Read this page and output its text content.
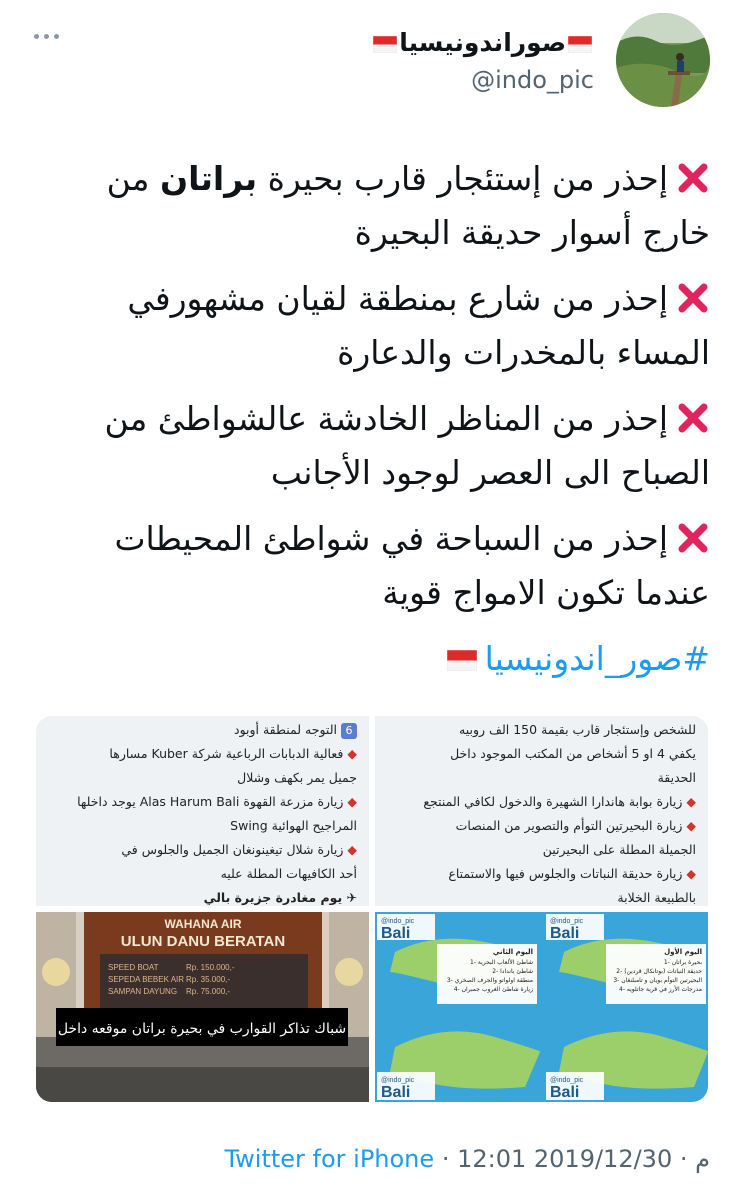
صوراندونيسيا
@indo_pic
إحذر من إستئجار قارب بحيرة براتان من خارج أسوار حديقة البحيرة
إحذر من شارع بمنطقة لقيان مشهورفي المساء بالمخدرات والدعارة
إحذر من المناظر الخادشة عالشواطئ من الصباح الى العصر لوجود الأجانب
إحذر من السباحة في شواطئ المحيطات عندما تكون الامواج قوية
#صور_اندونيسيا
6التوجه لمنطقة أوبود
◆فعالية الدبابات الرباعية شركة Kuber مسارها
جميل يمر بكهف وشلال
◆زيارة مزرعة القهوة Alas Harum Bali يوجد داخلها
المراجيح الهوائية Swing
◆زيارة شلال تيغينونغان الجميل والجلوس في
أحد الكافيهات المطلة عليه
✈ يوم مغادرة جزيرة بالي
للشخص وإستئجار قارب بقيمة 150 الف روبيه
يكفي 4 او 5 أشخاص من المكتب الموجود داخل
الحديقة
◆زيارة بوابة هاندارا الشهيرة والدخول لكافي المنتجع
◆زيارة البحيرتين التوأم والتصوير من المنصات
الجميلة المطلة على البحيرتين
◆زيارة حديقة النباتات والجلوس فيها والاستمتاع
بالطبيعة الخلابة
WAHANA AIR
ULUN DANU BERATAN
SPEED BOAT	Rp. 150.000,-
SEPEDA BEBEK AIR Rp. 35.000,-
SAMPAN DAYUNG Rp. 75.000,-
شباك تذاكر القوارب في بحيرة براتان موقعه داخل
@indo_pic
Bali
@indo_pic
Bali
اليوم الثاني
1- شاطئ الألعاب البحرية
2- شاطئ باندادا
3- منطقة اولواتو والجرف الصخري
4- زيارة شاطئ الغروب جمبران
اليوم الأول
1- بحيرة براتان
2- حديقة النباتات (بوتانكال قردين)
3- البحيرتين التوأم بويان و تامبلنغان
4- مدرجات الأرز في قرية جاتلويه
@indo_pic
Bali
@indo_pic
Bali
Twitter for iPhone · 12:01 م · 2019/12/30
